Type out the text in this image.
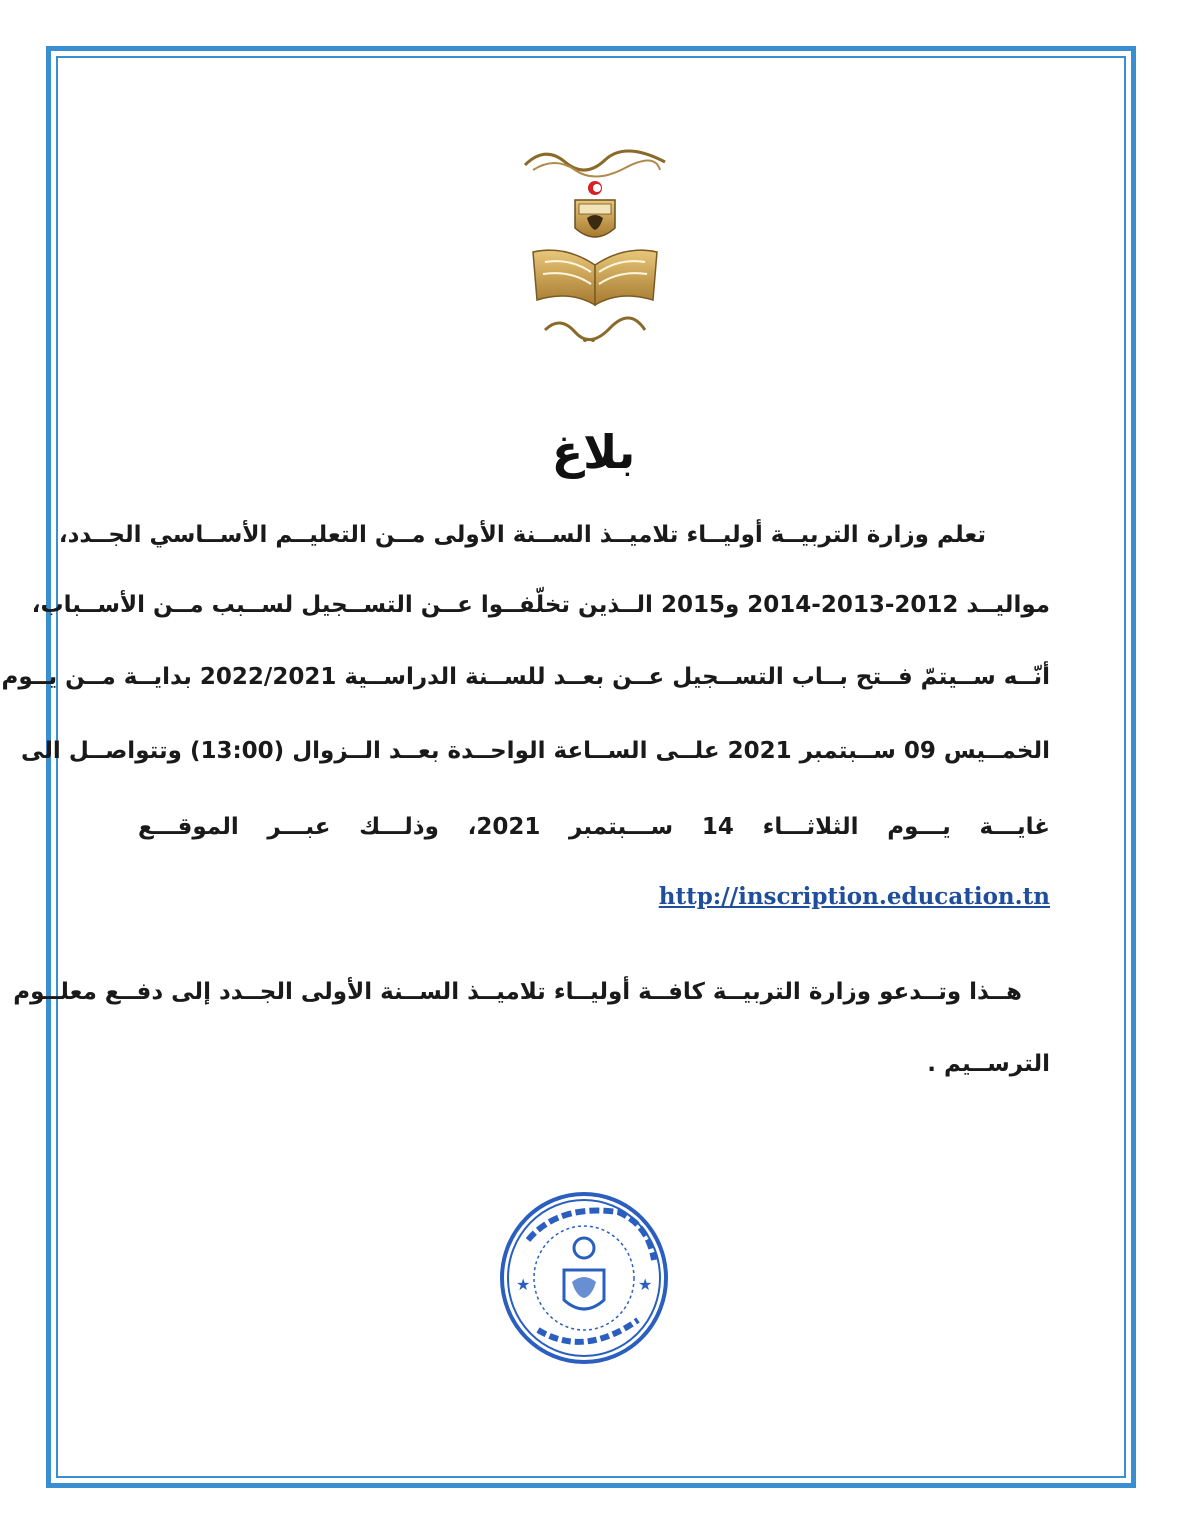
بلاغ
تعلم وزارة التربيــة أوليــاء تلاميــذ الســنة الأولى مــن التعليــم الأســاسي الجــدد،
مواليــد 2012-2013-2014 و2015 الــذين تخلّفــوا عــن التســجيل لســبب مــن الأســباب،
أنّــه ســيتمّ فــتح بــاب التســجيل عــن بعــد للســنة الدراســية 2022/2021 بدايــة مــن يــوم
الخمــيس 09 ســبتمبر 2021 علــى الســاعة الواحــدة بعــد الــزوال (13:00) وتتواصــل الى
غايـــة يـــوم الثلاثـــاء 14 ســـبتمبر 2021، وذلـــك عبـــر الموقـــع
http://inscription.education.tn
هــذا وتــدعو وزارة التربيــة كافــة أوليــاء تلاميــذ الســنة الأولى الجــدد إلى دفــع معلــوم
الترســيم .
★	★
